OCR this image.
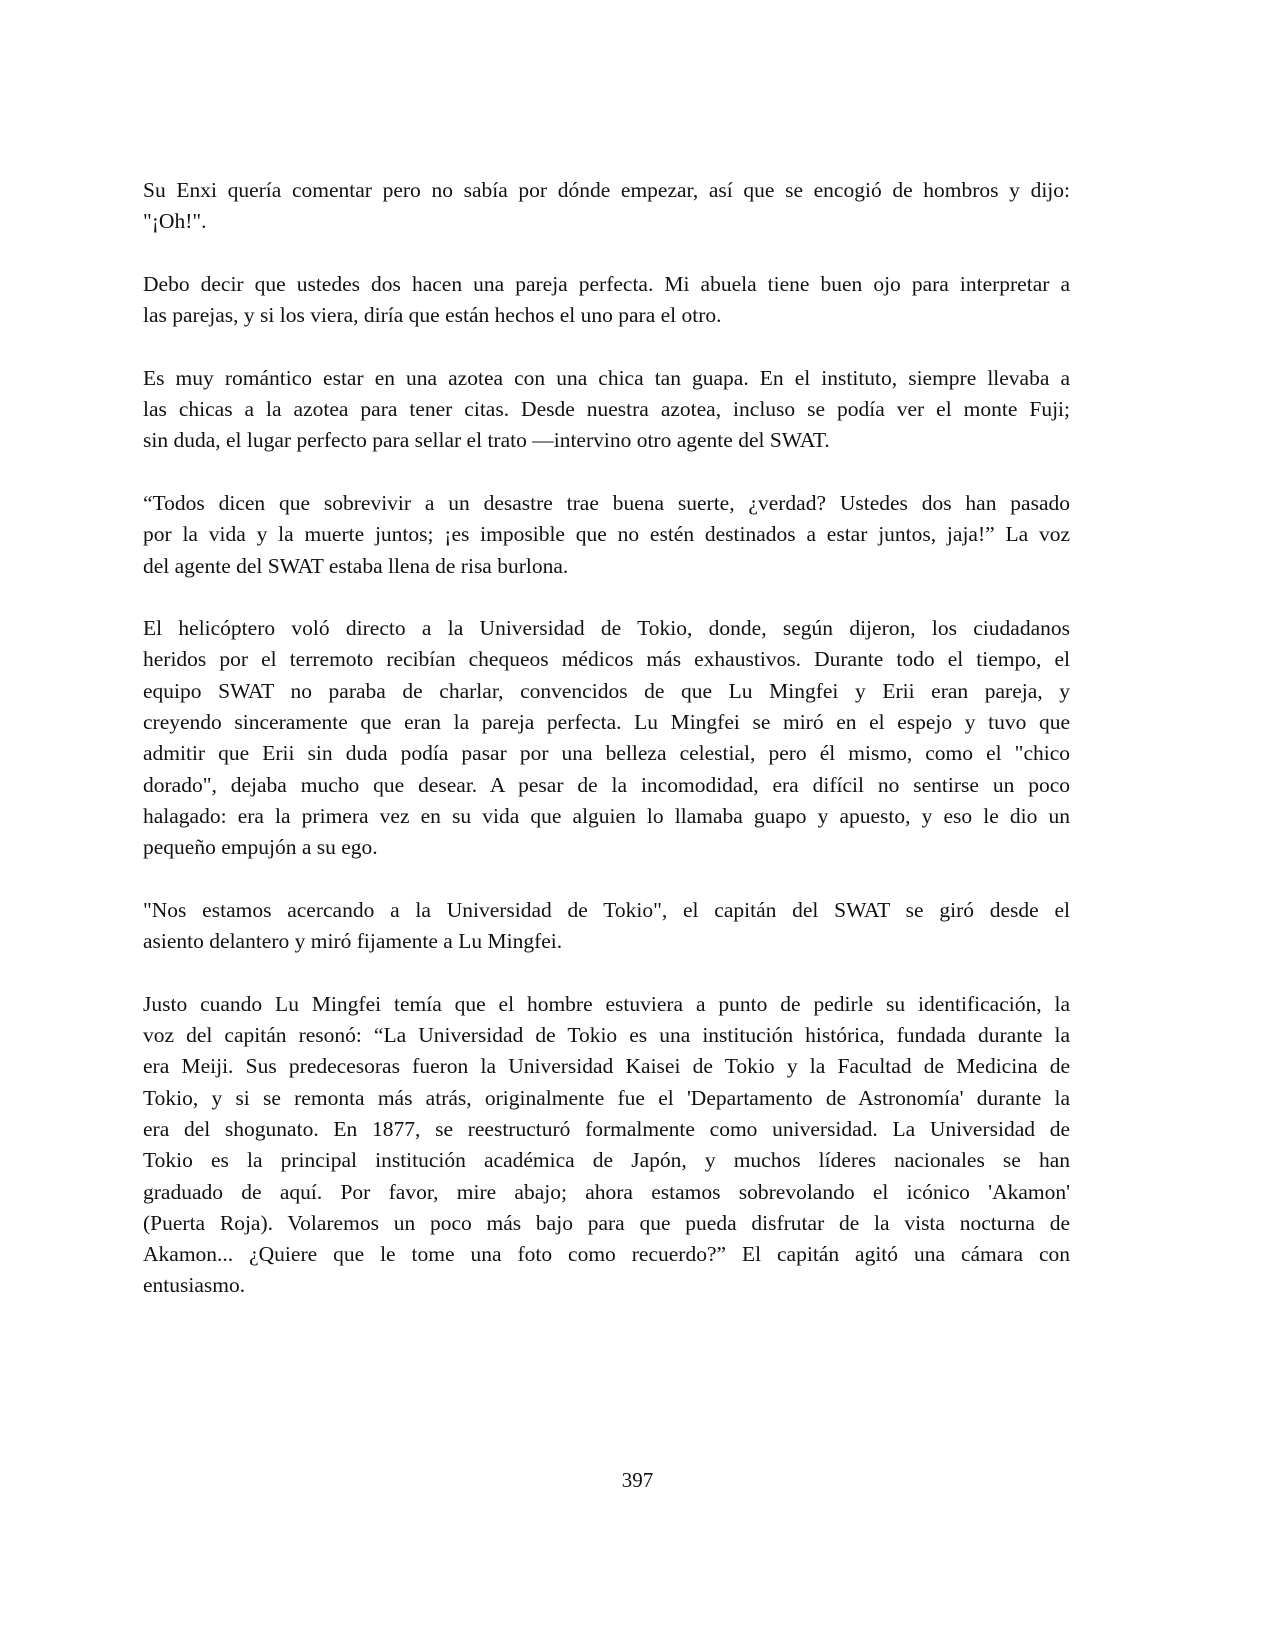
Su Enxi quería comentar pero no sabía por dónde empezar, así que se encogió de hombros y dijo:
"¡Oh!".
Debo decir que ustedes dos hacen una pareja perfecta. Mi abuela tiene buen ojo para interpretar a
las parejas, y si los viera, diría que están hechos el uno para el otro.
Es muy romántico estar en una azotea con una chica tan guapa. En el instituto, siempre llevaba a
las chicas a la azotea para tener citas. Desde nuestra azotea, incluso se podía ver el monte Fuji;
sin duda, el lugar perfecto para sellar el trato —intervino otro agente del SWAT.
“Todos dicen que sobrevivir a un desastre trae buena suerte, ¿verdad? Ustedes dos han pasado
por la vida y la muerte juntos; ¡es imposible que no estén destinados a estar juntos, jaja!” La voz
del agente del SWAT estaba llena de risa burlona.
El helicóptero voló directo a la Universidad de Tokio, donde, según dijeron, los ciudadanos
heridos por el terremoto recibían chequeos médicos más exhaustivos. Durante todo el tiempo, el
equipo SWAT no paraba de charlar, convencidos de que Lu Mingfei y Erii eran pareja, y
creyendo sinceramente que eran la pareja perfecta. Lu Mingfei se miró en el espejo y tuvo que
admitir que Erii sin duda podía pasar por una belleza celestial, pero él mismo, como el "chico
dorado", dejaba mucho que desear. A pesar de la incomodidad, era difícil no sentirse un poco
halagado: era la primera vez en su vida que alguien lo llamaba guapo y apuesto, y eso le dio un
pequeño empujón a su ego.
"Nos estamos acercando a la Universidad de Tokio", el capitán del SWAT se giró desde el
asiento delantero y miró fijamente a Lu Mingfei.
Justo cuando Lu Mingfei temía que el hombre estuviera a punto de pedirle su identificación, la
voz del capitán resonó: “La Universidad de Tokio es una institución histórica, fundada durante la
era Meiji. Sus predecesoras fueron la Universidad Kaisei de Tokio y la Facultad de Medicina de
Tokio, y si se remonta más atrás, originalmente fue el 'Departamento de Astronomía' durante la
era del shogunato. En 1877, se reestructuró formalmente como universidad. La Universidad de
Tokio es la principal institución académica de Japón, y muchos líderes nacionales se han
graduado de aquí. Por favor, mire abajo; ahora estamos sobrevolando el icónico 'Akamon'
(Puerta Roja). Volaremos un poco más bajo para que pueda disfrutar de la vista nocturna de
Akamon... ¿Quiere que le tome una foto como recuerdo?” El capitán agitó una cámara con
entusiasmo.
397
